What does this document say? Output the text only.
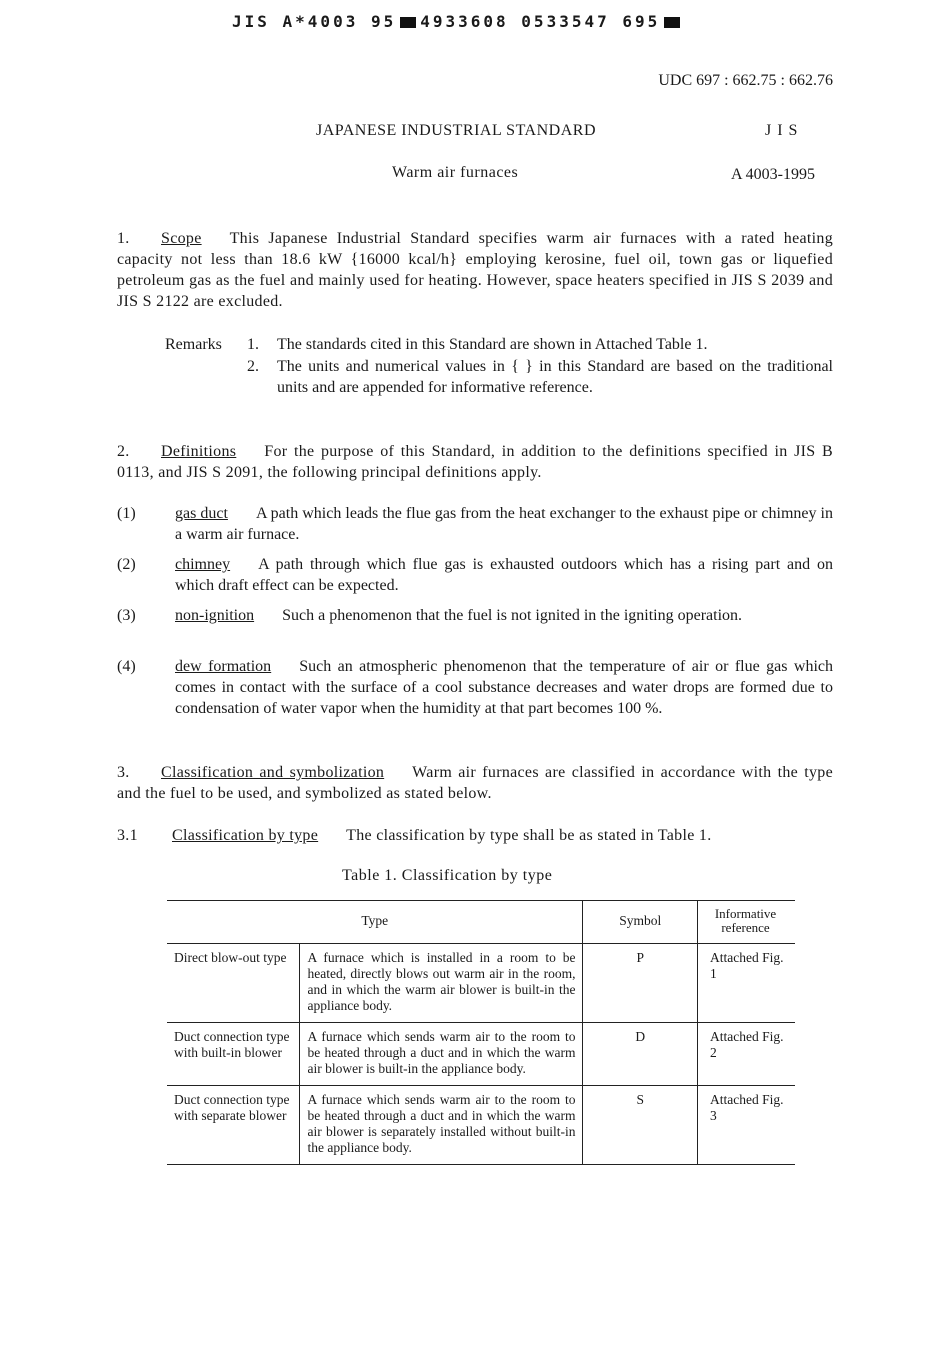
JIS A*4003 95 4933608 0533547 695
UDC 697 : 662.75 : 662.76
JAPANESE INDUSTRIAL STANDARD	JIS
Warm air furnaces	A 4003-1995
1. Scope This Japanese Industrial Standard specifies warm air furnaces with a rated heating capacity not less than 18.6 kW {16000 kcal/h} employing kerosine, fuel oil, town gas or liquefied petroleum gas as the fuel and mainly used for heating. However, space heaters specified in JIS S 2039 and JIS S 2122 are excluded.
Remarks	1.	The standards cited in this Standard are shown in Attached Table 1.
2.	The units and numerical values in { } in this Standard are based on the traditional units and are appended for informative reference.
2. Definitions For the purpose of this Standard, in addition to the definitions specified in JIS B 0113, and JIS S 2091, the following principal definitions apply.
(1)	gas duct A path which leads the flue gas from the heat exchanger to the exhaust pipe or chimney in a warm air furnace.
(2)	chimney A path through which flue gas is exhausted outdoors which has a rising part and on which draft effect can be expected.
(3)	non-ignition Such a phenomenon that the fuel is not ignited in the igniting operation.
(4)	dew formation Such an atmospheric phenomenon that the temperature of air or flue gas which comes in contact with the surface of a cool substance decreases and water drops are formed due to condensation of water vapor when the humidity at that part becomes 100 %.
3. Classification and symbolization Warm air furnaces are classified in accordance with the type and the fuel to be used, and symbolized as stated below.
3.1 Classification by type The classification by type shall be as stated in Table 1.
Table 1. Classification by type
Type		Symbol	Informative reference
Direct blow-out type	A furnace which is installed in a room to be heated, directly blows out warm air in the room, and in which the warm air blower is built-in the appliance body.	P	Attached Fig. 1
Duct connection type with built-in blower	A furnace which sends warm air to the room to be heated through a duct and in which the warm air blower is built-in the appliance body.	D	Attached Fig. 2
Duct connection type with separate blower	A furnace which sends warm air to the room to be heated through a duct and in which the warm air blower is separately installed without built-in the appliance body.	S	Attached Fig. 3
